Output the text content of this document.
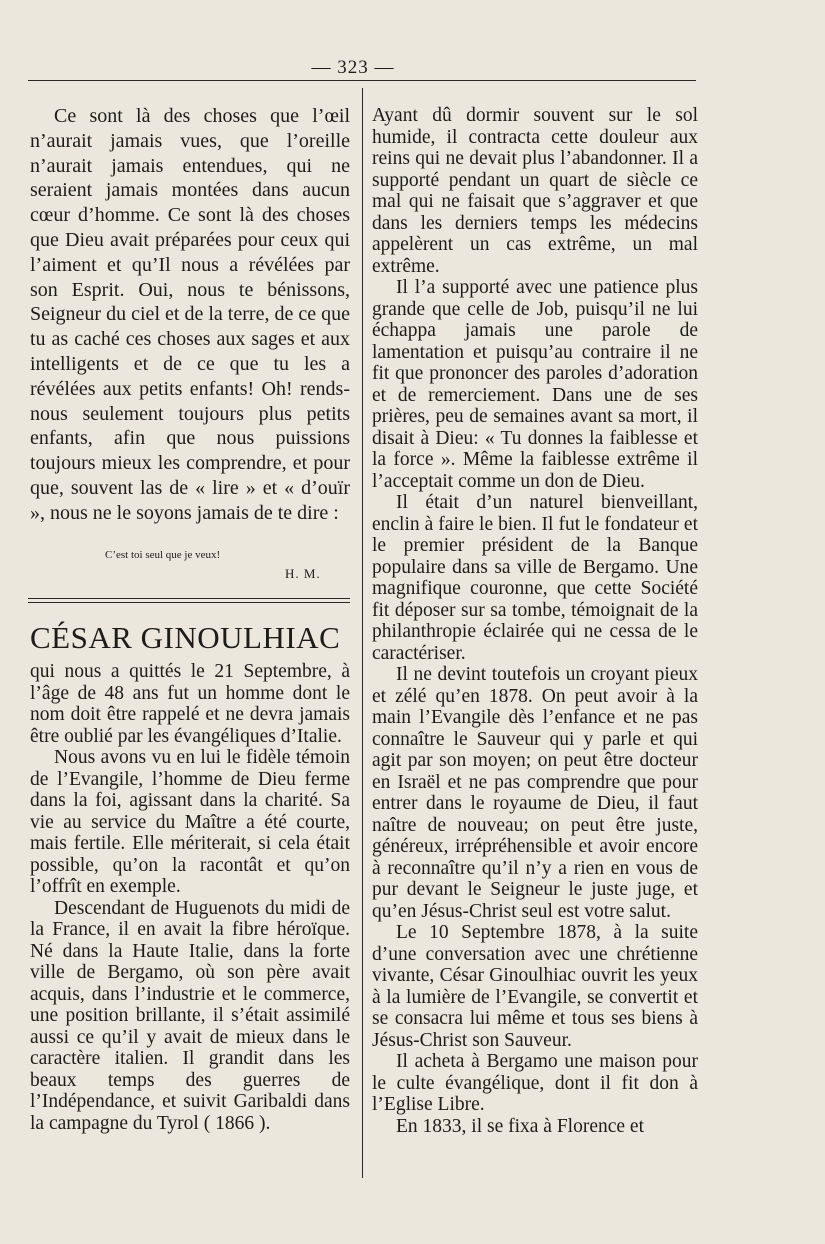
— 323 —

Ce sont là des choses que l’œil n’aurait jamais vues, que l’oreille n’aurait jamais entendues, qui ne seraient jamais montées dans aucun cœur d’homme. Ce sont là des choses que Dieu avait préparées pour ceux qui l’aiment et qu’Il nous a révélées par son Esprit. Oui, nous te bénissons, Seigneur du ciel et de la terre, de ce que tu as caché ces choses aux sages et aux intelligents et de ce que tu les a révélées aux petits enfants! Oh! rends-nous seulement toujours plus petits enfants, afin que nous puissions toujours mieux les comprendre, et pour que, souvent las de « lire » et « d’ouïr », nous ne le soyons jamais de te dire :

C’est toi seul que je veux!
H. M.
CÉSAR GINOULHIAC

qui nous a quittés le 21 Septembre, à l’âge de 48 ans fut un homme dont le nom doit être rappelé et ne devra jamais être oublié par les évangéliques d’Italie.

Nous avons vu en lui le fidèle témoin de l’Evangile, l’homme de Dieu ferme dans la foi, agissant dans la charité. Sa vie au service du Maître a été courte, mais fertile. Elle mériterait, si cela était possible, qu’on la racontât et qu’on l’offrît en exemple.

Descendant de Huguenots du midi de la France, il en avait la fibre héroïque. Né dans la Haute Italie, dans la forte ville de Bergamo, où son père avait acquis, dans l’industrie et le commerce, une position brillante, il s’était assimilé aussi ce qu’il y avait de mieux dans le caractère italien. Il grandit dans les beaux temps des guerres de l’Indépendance, et suivit Garibaldi dans la campagne du Tyrol ( 1866 ).

Ayant dû dormir souvent sur le sol humide, il contracta cette douleur aux reins qui ne devait plus l’abandonner. Il a supporté pendant un quart de siècle ce mal qui ne faisait que s’aggraver et que dans les derniers temps les médecins appelèrent un cas extrême, un mal extrême.

Il l’a supporté avec une patience plus grande que celle de Job, puisqu’il ne lui échappa jamais une parole de lamentation et puisqu’au contraire il ne fit que prononcer des paroles d’adoration et de remerciement. Dans une de ses prières, peu de semaines avant sa mort, il disait à Dieu: « Tu donnes la faiblesse et la force ». Même la faiblesse extrême il l’acceptait comme un don de Dieu.

Il était d’un naturel bienveillant, enclin à faire le bien. Il fut le fondateur et le premier président de la Banque populaire dans sa ville de Bergamo. Une magnifique couronne, que cette Société fit déposer sur sa tombe, témoignait de la philanthropie éclairée qui ne cessa de le caractériser.

Il ne devint toutefois un croyant pieux et zélé qu’en 1878. On peut avoir à la main l’Evangile dès l’enfance et ne pas connaître le Sauveur qui y parle et qui agit par son moyen; on peut être docteur en Israël et ne pas comprendre que pour entrer dans le royaume de Dieu, il faut naître de nouveau; on peut être juste, généreux, irrépréhensible et avoir encore à reconnaître qu’il n’y a rien en vous de pur devant le Seigneur le juste juge, et qu’en Jésus-Christ seul est votre salut.

Le 10 Septembre 1878, à la suite d’une conversation avec une chrétienne vivante, César Ginoulhiac ouvrit les yeux à la lumière de l’Evangile, se convertit et se consacra lui même et tous ses biens à Jésus-Christ son Sauveur.

Il acheta à Bergamo une maison pour le culte évangélique, dont il fit don à l’Eglise Libre.

En 1833, il se fixa à Florence et
